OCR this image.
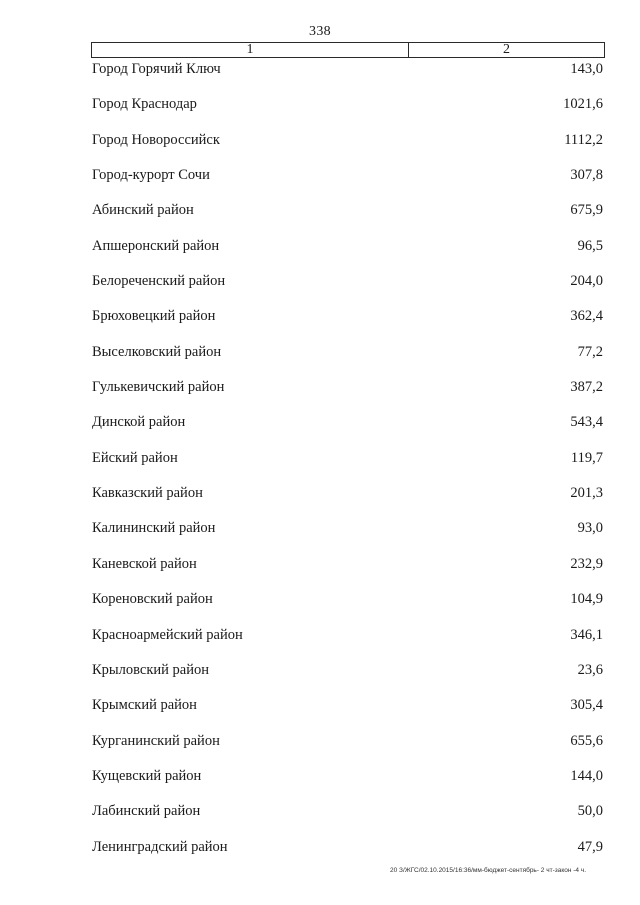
338
1	2
Город Горячий Ключ	143,0
Город Краснодар	1021,6
Город Новороссийск	1112,2
Город-курорт Сочи	307,8
Абинский район	675,9
Апшеронский район	96,5
Белореченский район	204,0
Брюховецкий район	362,4
Выселковский район	77,2
Гулькевичский район	387,2
Динской район	543,4
Ейский район	119,7
Кавказский район	201,3
Калининский район	93,0
Каневской район	232,9
Кореновский район	104,9
Красноармейский район	346,1
Крыловский район	23,6
Крымский район	305,4
Курганинский район	655,6
Кущевский район	144,0
Лабинский район	50,0
Ленинградский район	47,9
20 З/ЖГС/02.10.2015/16:36/мм-бюджет-сентябрь- 2 чт-закон -4 ч.
